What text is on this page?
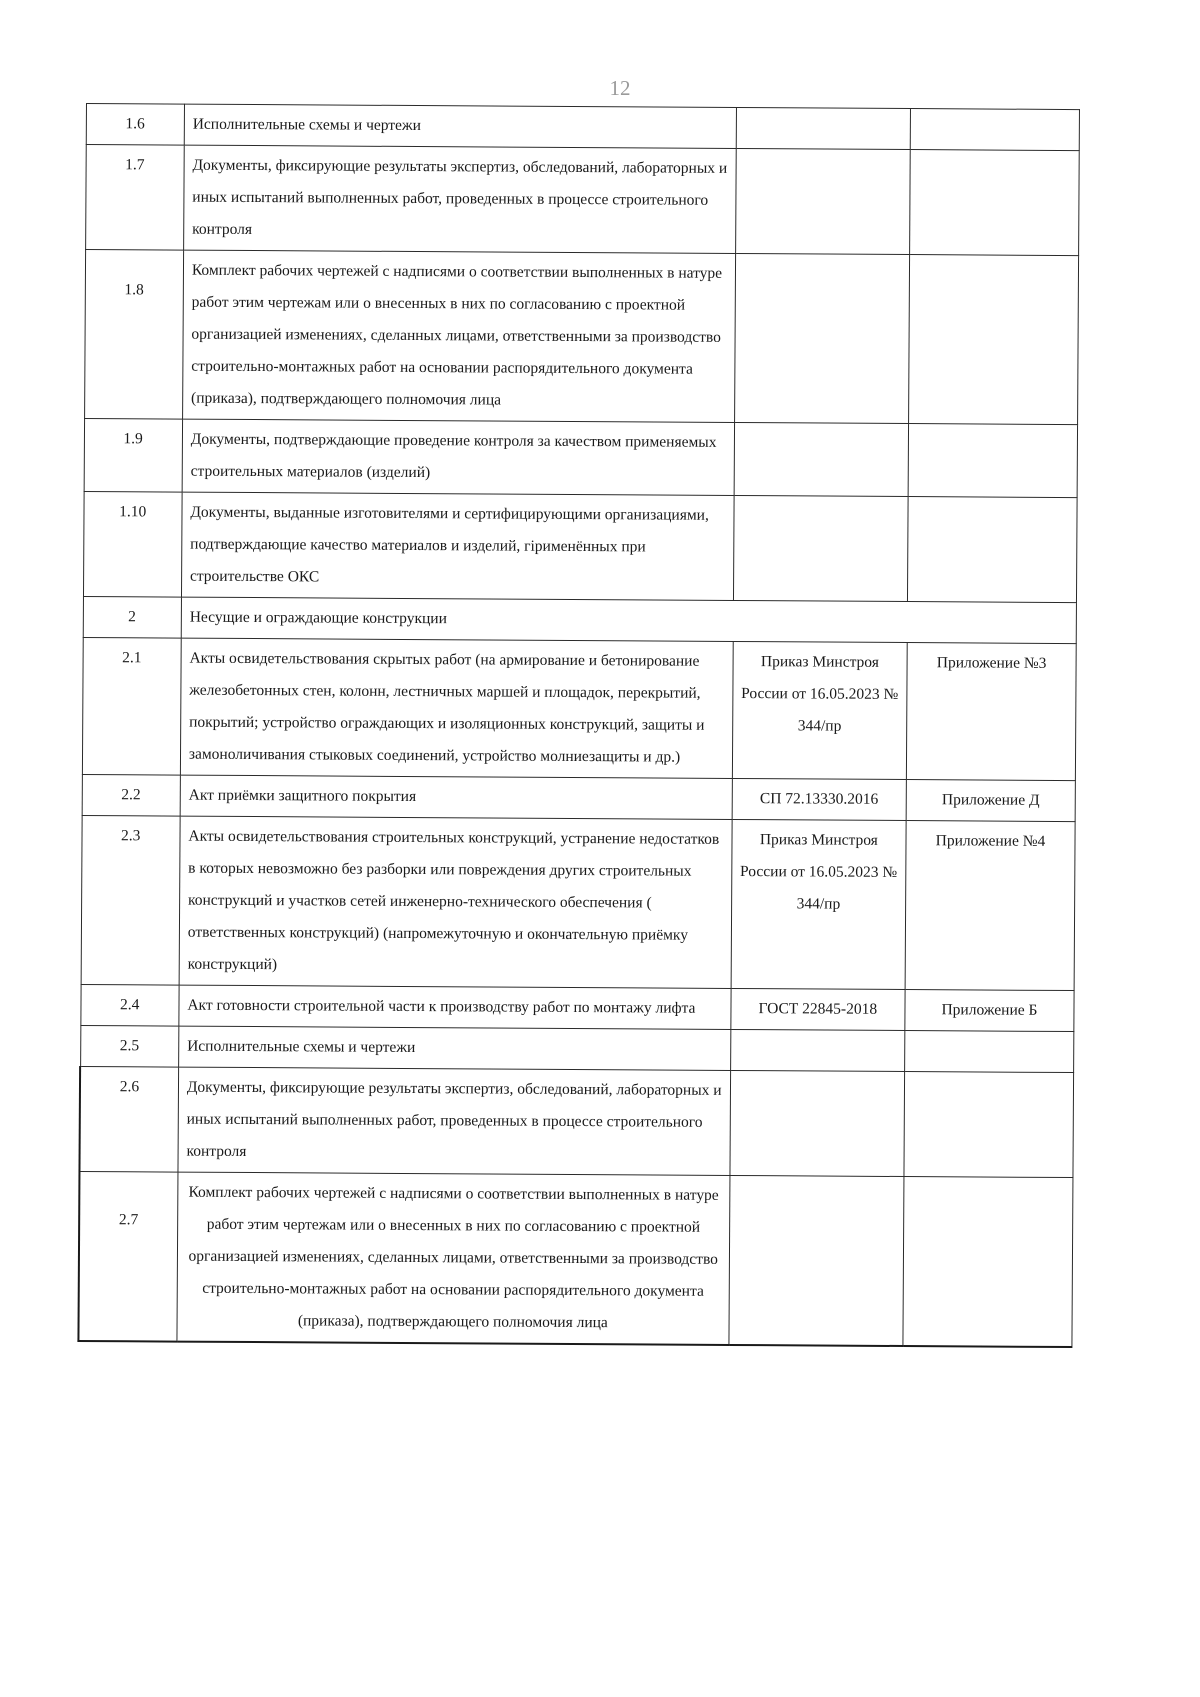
12
1.6	Исполнительные схемы и чертежи		
1.7	Документы, фиксирующие результаты экспертиз, обследований, лабораторных и иных испытаний выполненных работ, проведенных в процессе строительного контроля		
1.8	Комплект рабочих чертежей с надписями о соответствии выполненных в натуре работ этим чертежам или о внесенных в них по согласованию с проектной организацией изменениях, сделанных лицами, ответственными за производство строительно-монтажных работ на основании распорядительного документа (приказа), подтверждающего полномочия лица		
1.9	Документы, подтверждающие проведение контроля за качеством применяемых строительных материалов (изделий)		
1.10	Документы, выданные изготовителями и сертифицирующими организациями, подтверждающие качество материалов и изделий, гірименённых при строительстве ОКС		
2	Несущие и ограждающие конструкции		
2.1	Акты освидетельствования скрытых работ (на армирование и бетонирование железобетонных стен, колонн, лестничных маршей и площадок, перекрытий, покрытий; устройство ограждающих и изоляционных конструкций, защиты и замоноличивания стыковых соединений, устройство молниезащиты и др.)	Приказ Минстроя России от 16.05.2023 № 344/пр	Приложение №3
2.2	Акт приёмки защитного покрытия	СП 72.13330.2016	Приложение Д
2.3	Акты освидетельствования строительных конструкций, устранение недостатков в которых невозможно без разборки или повреждения других строительных конструкций и участков сетей инженерно-технического обеспечения ( ответственных конструкций) (напромежуточную и окончательную приёмку конструкций)	Приказ Минстроя России от 16.05.2023 № 344/пр	Приложение №4
2.4	Акт готовности строительной части к производству работ по монтажу лифта	ГОСТ 22845-2018	Приложение Б
2.5	Исполнительные схемы и чертежи		
2.6	Документы, фиксирующие результаты экспертиз, обследований, лабораторных и иных испытаний выполненных работ, проведенных в процессе строительного контроля		
2.7	Комплект рабочих чертежей с надписями о соответствии выполненных в натуре работ этим чертежам или о внесенных в них по согласованию с проектной организацией изменениях, сделанных лицами, ответственными за производство строительно-монтажных работ на основании распорядительного документа (приказа), подтверждающего полномочия лица		
